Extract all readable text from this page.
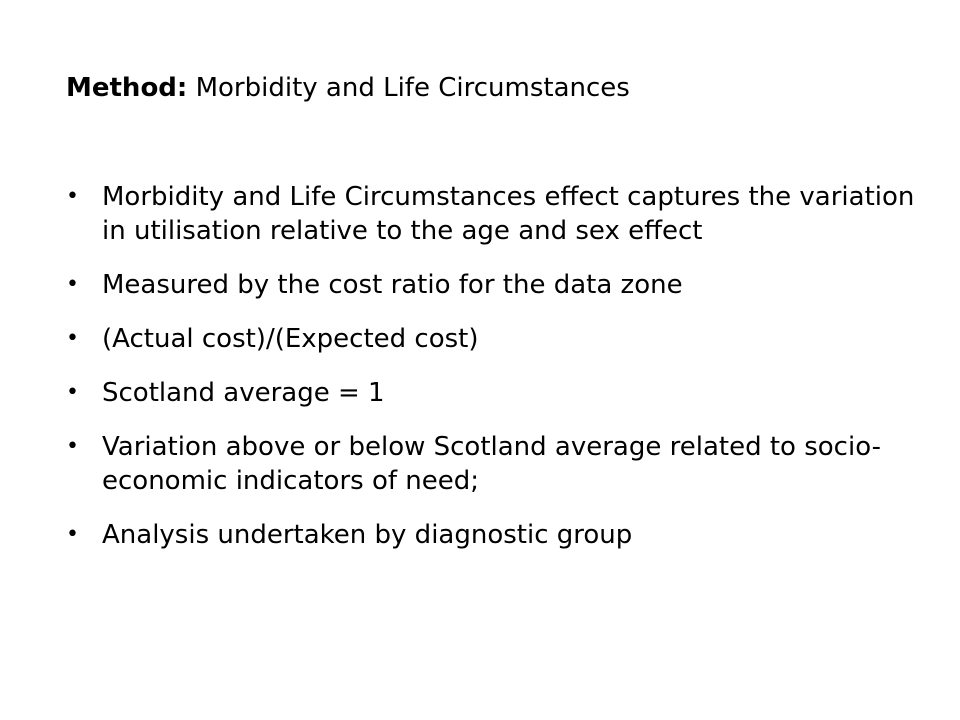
Method: Morbidity and Life Circumstances
• Morbidity and Life Circumstances effect captures the variation in utilisation relative to the age and sex effect
• Measured by the cost ratio for the data zone
• (Actual cost)/(Expected cost)
• Scotland average = 1
• Variation above or below Scotland average related to socio-economic indicators of need;
• Analysis undertaken by diagnostic group
